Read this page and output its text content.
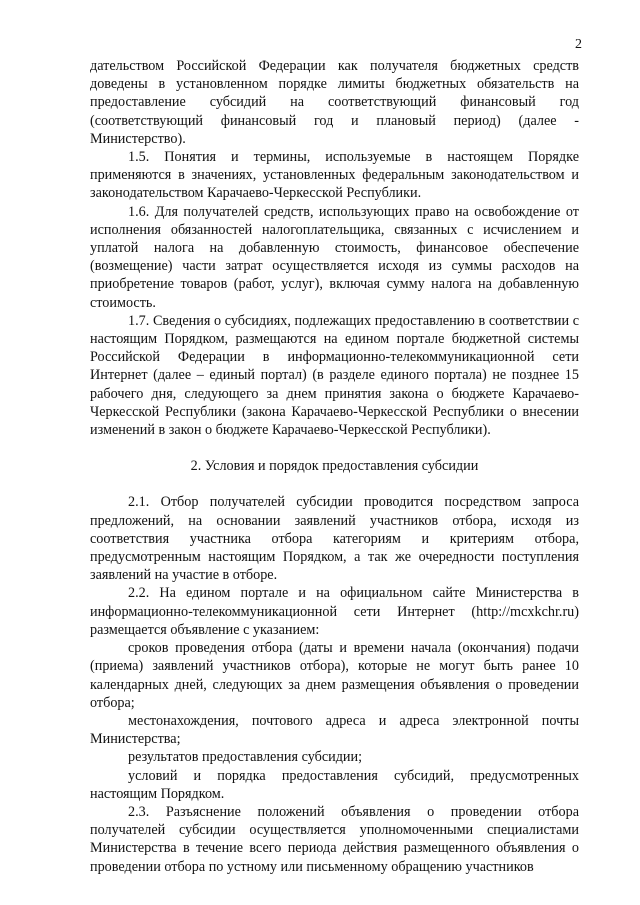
2

дательством Российской Федерации как получателя бюджетных средств доведены в установленном порядке лимиты бюджетных обязательств на предоставление субсидий на соответствующий финансовый год (соответствующий финансовый год и плановый период) (далее - Министерство).

1.5. Понятия и термины, используемые в настоящем Порядке применяются в значениях, установленных федеральным законодательством и законодательством Карачаево-Черкесской Республики.

1.6. Для получателей средств, использующих право на освобождение от исполнения обязанностей налогоплательщика, связанных с исчислением и уплатой налога на добавленную стоимость, финансовое обеспечение (возмещение) части затрат осуществляется исходя из суммы расходов на приобретение товаров (работ, услуг), включая сумму налога на добавленную стоимость.

1.7. Сведения о субсидиях, подлежащих предоставлению в соответствии с настоящим Порядком, размещаются на едином портале бюджетной системы Российской Федерации в информационно-телекоммуникационной сети Интернет (далее – единый портал) (в разделе единого портала) не позднее 15 рабочего дня, следующего за днем принятия закона о бюджете Карачаево-Черкесской Республики (закона Карачаево-Черкесской Республики о внесении изменений в закон о бюджете Карачаево-Черкесской Республики).

2. Условия и порядок предоставления субсидии

2.1. Отбор получателей субсидии проводится посредством запроса предложений, на основании заявлений участников отбора, исходя из соответствия участника отбора категориям и критериям отбора, предусмотренным настоящим Порядком, а так же очередности поступления заявлений на участие в отборе.

2.2. На едином портале и на официальном сайте Министерства в информационно-телекоммуникационной сети Интернет (http://mcxkchr.ru) размещается объявление с указанием:

сроков проведения отбора (даты и времени начала (окончания) подачи (приема) заявлений участников отбора), которые не могут быть ранее 10 календарных дней, следующих за днем размещения объявления о проведении отбора;

местонахождения, почтового адреса и адреса электронной почты Министерства;

результатов предоставления субсидии;

условий и порядка предоставления субсидий, предусмотренных настоящим Порядком.

2.3. Разъяснение положений объявления о проведении отбора получателей субсидии осуществляется уполномоченными специалистами Министерства в течение всего периода действия размещенного объявления о проведении отбора по устному или письменному обращению участников
